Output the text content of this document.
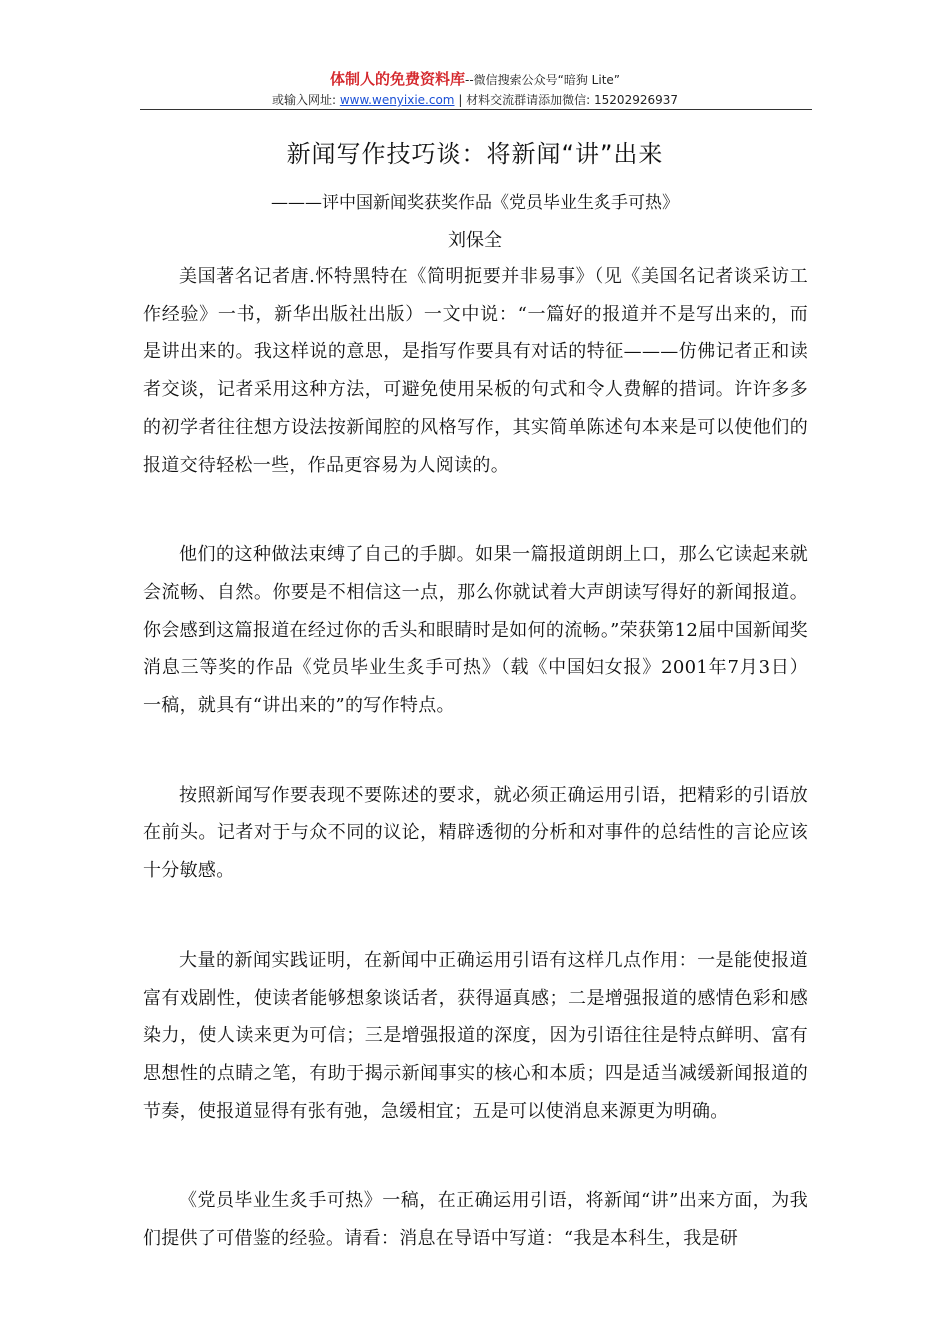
体制人的免费资料库--微信搜索公众号“暗狗 Lite”
或输入网址: www.wenyixie.com | 材料交流群请添加微信: 15202926937
新闻写作技巧谈：将新闻“讲”出来
———评中国新闻奖获奖作品《党员毕业生炙手可热》
刘保全

美国著名记者唐.怀特黑特在《简明扼要并非易事》（见《美国名记者谈采访工作经验》一书，新华出版社出版）一文中说：“一篇好的报道并不是写出来的，而是讲出来的。我这样说的意思，是指写作要具有对话的特征———仿佛记者正和读者交谈，记者采用这种方法，可避免使用呆板的句式和令人费解的措词。许许多多的初学者往往想方设法按新闻腔的风格写作，其实简单陈述句本来是可以使他们的报道交待轻松一些，作品更容易为人阅读的。

他们的这种做法束缚了自己的手脚。如果一篇报道朗朗上口，那么它读起来就会流畅、自然。你要是不相信这一点，那么你就试着大声朗读写得好的新闻报道。你会感到这篇报道在经过你的舌头和眼睛时是如何的流畅。”荣获第12届中国新闻奖消息三等奖的作品《党员毕业生炙手可热》（载《中国妇女报》2001年7月3日）一稿，就具有“讲出来的”的写作特点。

按照新闻写作要表现不要陈述的要求，就必须正确运用引语，把精彩的引语放在前头。记者对于与众不同的议论，精辟透彻的分析和对事件的总结性的言论应该十分敏感。

大量的新闻实践证明，在新闻中正确运用引语有这样几点作用：一是能使报道富有戏剧性，使读者能够想象谈话者，获得逼真感；二是增强报道的感情色彩和感染力，使人读来更为可信；三是增强报道的深度，因为引语往往是特点鲜明、富有思想性的点睛之笔，有助于揭示新闻事实的核心和本质；四是适当减缓新闻报道的节奏，使报道显得有张有弛，急缓相宜；五是可以使消息来源更为明确。

《党员毕业生炙手可热》一稿，在正确运用引语，将新闻“讲”出来方面，为我们提供了可借鉴的经验。请看：消息在导语中写道：“我是本科生，我是研
